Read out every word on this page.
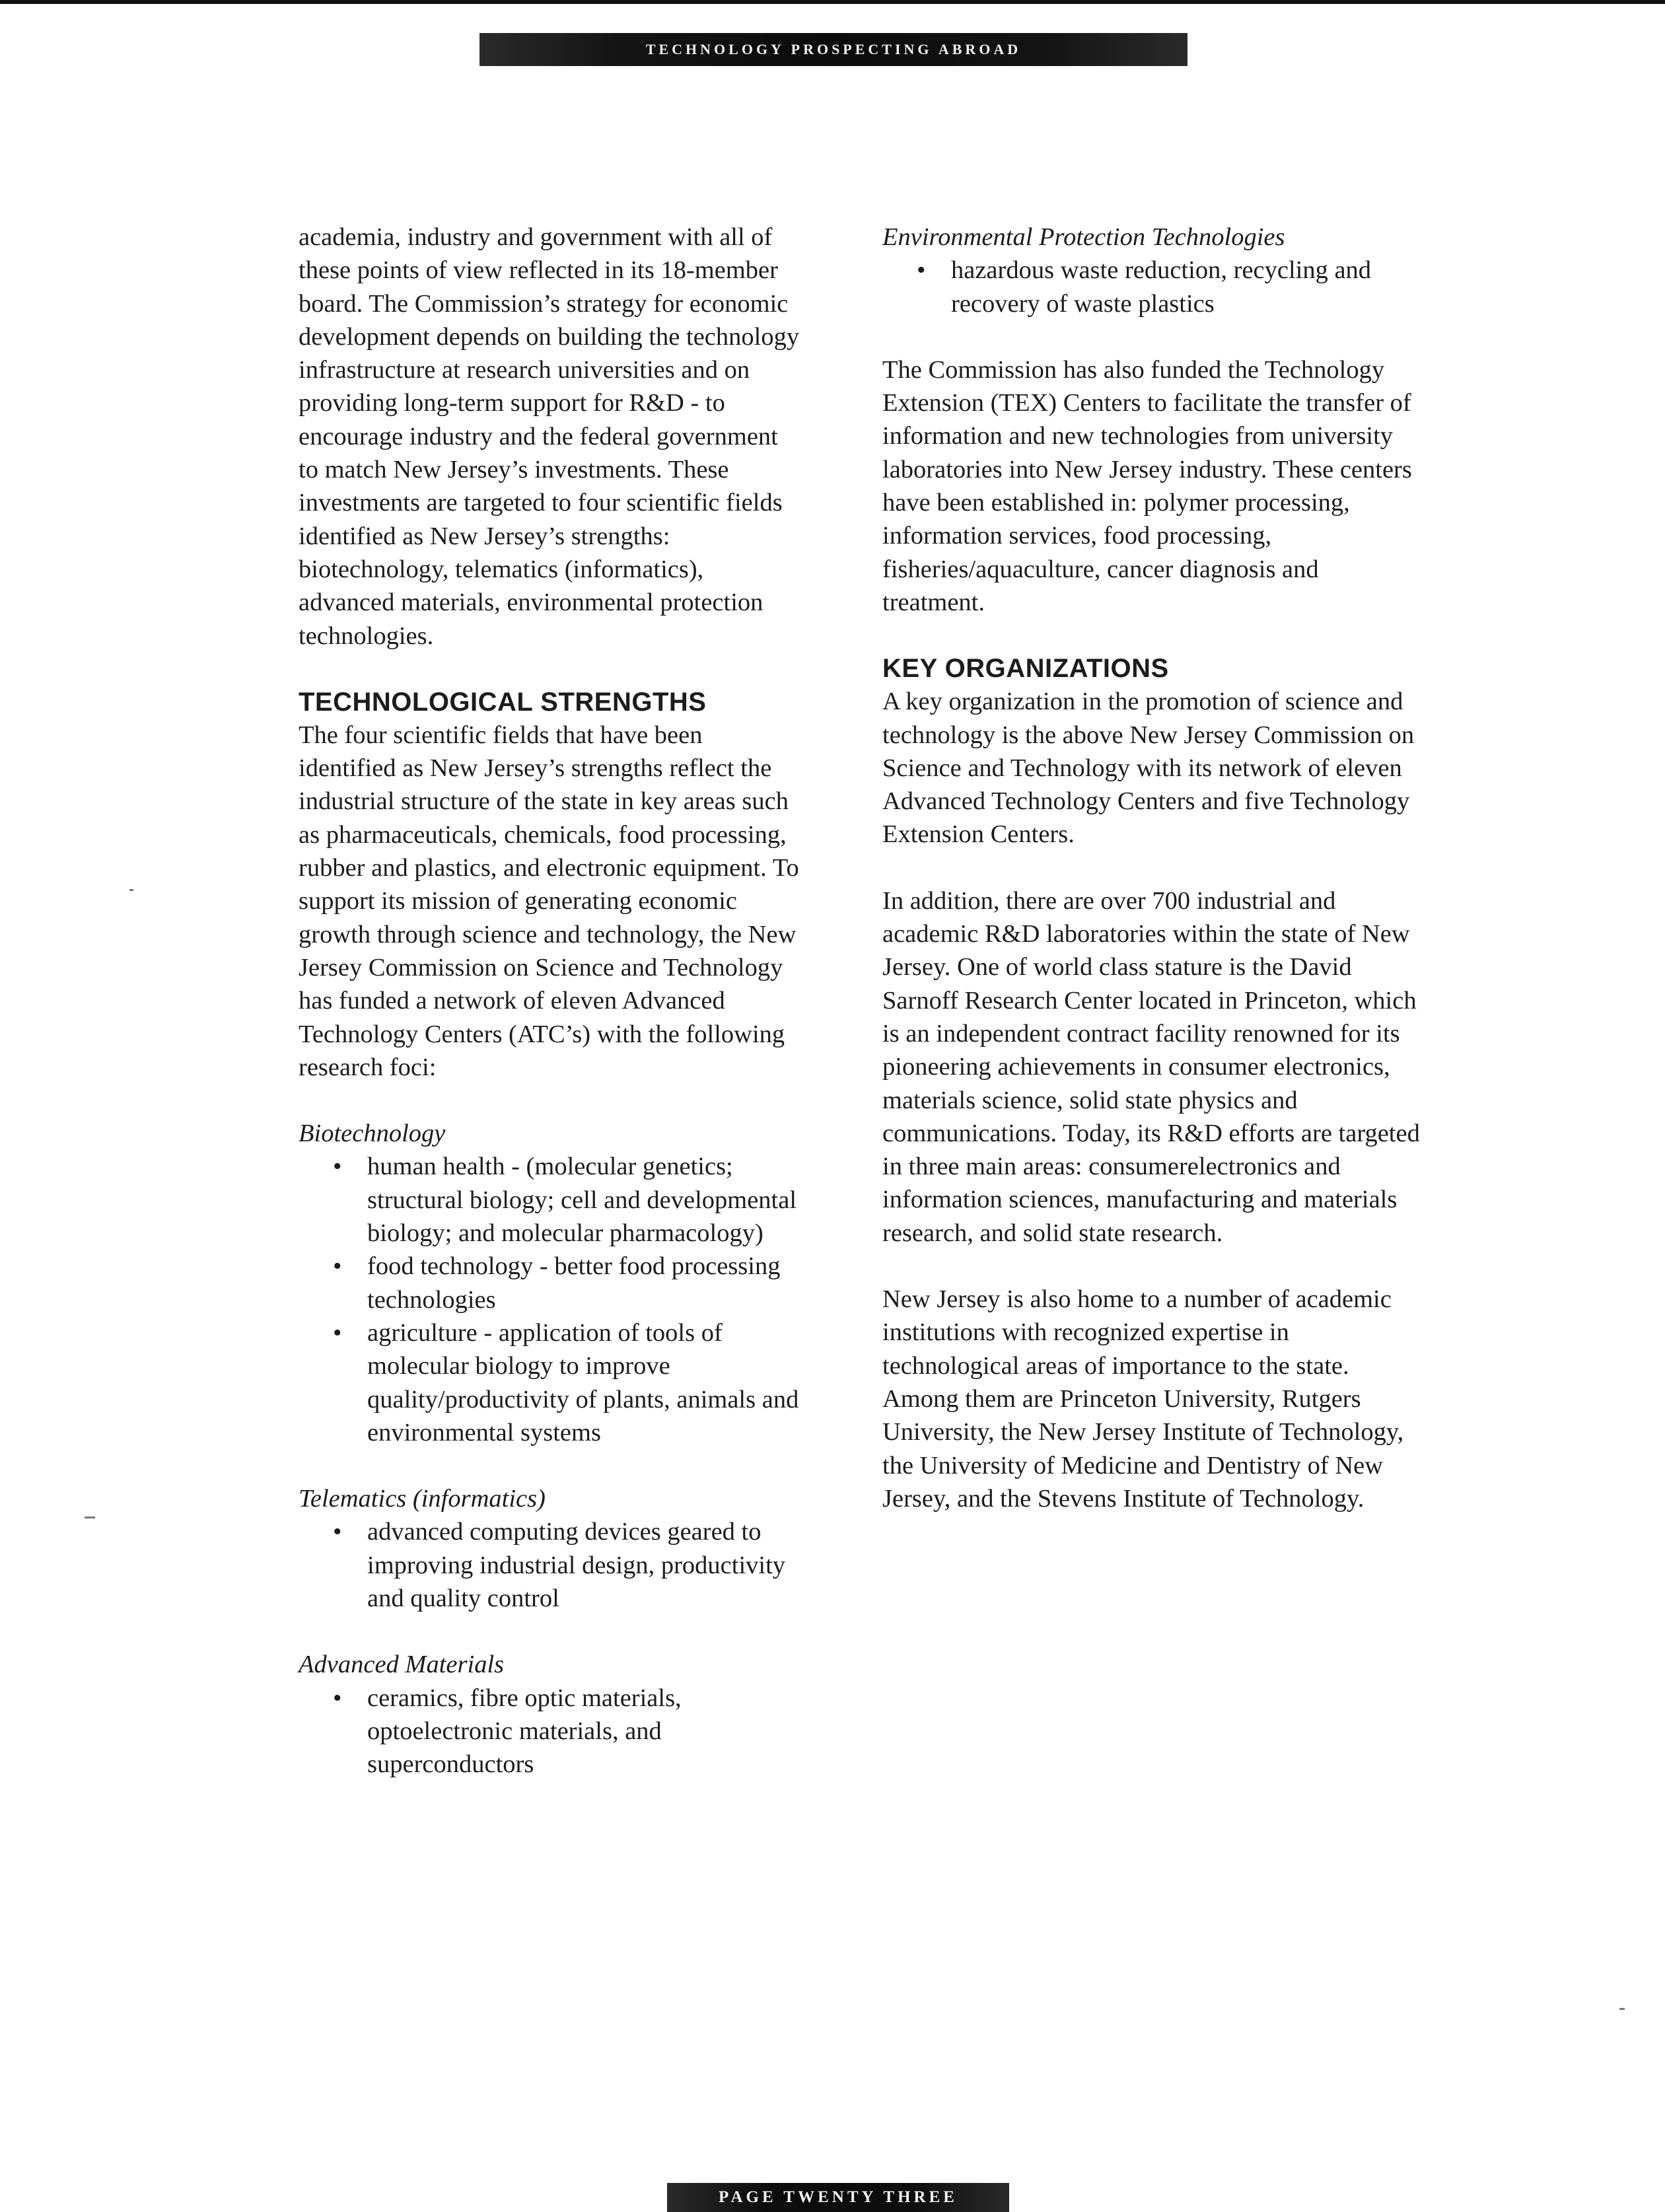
TECHNOLOGY PROSPECTING ABROAD

academia, industry and government with all of these points of view reflected in its 18-member board. The Commission’s strategy for economic development depends on building the technology infrastructure at research universities and on providing long-term support for R&D - to encourage industry and the federal government to match New Jersey’s investments. These investments are targeted to four scientific fields identified as New Jersey’s strengths: biotechnology, telematics (informatics), advanced materials, environmental protection technologies.

TECHNOLOGICAL STRENGTHS

The four scientific fields that have been identified as New Jersey’s strengths reflect the industrial structure of the state in key areas such as pharmaceuticals, chemicals, food processing, rubber and plastics, and electronic equipment. To support its mission of generating economic growth through science and technology, the New Jersey Commission on Science and Technology has funded a network of eleven Advanced Technology Centers (ATC’s) with the following research foci:

Biotechnology

• human health - (molecular genetics; structural biology; cell and developmental biology; and molecular pharmacology)
• food technology - better food processing technologies
• agriculture - application of tools of molecular biology to improve quality/productivity of plants, animals and environmental systems

Telematics (informatics)

• advanced computing devices geared to improving industrial design, productivity and quality control

Advanced Materials

• ceramics, fibre optic materials, optoelectronic materials, and superconductors

Environmental Protection Technologies

• hazardous waste reduction, recycling and recovery of waste plastics

The Commission has also funded the Technology Extension (TEX) Centers to facilitate the transfer of information and new technologies from university laboratories into New Jersey industry. These centers have been established in: polymer processing, information services, food processing, fisheries/aquaculture, cancer diagnosis and treatment.

KEY ORGANIZATIONS

A key organization in the promotion of science and technology is the above New Jersey Commission on Science and Technology with its network of eleven Advanced Technology Centers and five Technology Extension Centers.

In addition, there are over 700 industrial and academic R&D laboratories within the state of New Jersey. One of world class stature is the David Sarnoff Research Center located in Princeton, which is an independent contract facility renowned for its pioneering achievements in consumer electronics, materials science, solid state physics and communications. Today, its R&D efforts are targeted in three main areas: consumerelectronics and information sciences, manufacturing and materials research, and solid state research.

New Jersey is also home to a number of academic institutions with recognized expertise in technological areas of importance to the state. Among them are Princeton University, Rutgers University, the New Jersey Institute of Technology, the University of Medicine and Dentistry of New Jersey, and the Stevens Institute of Technology.

PAGE TWENTY THREE
